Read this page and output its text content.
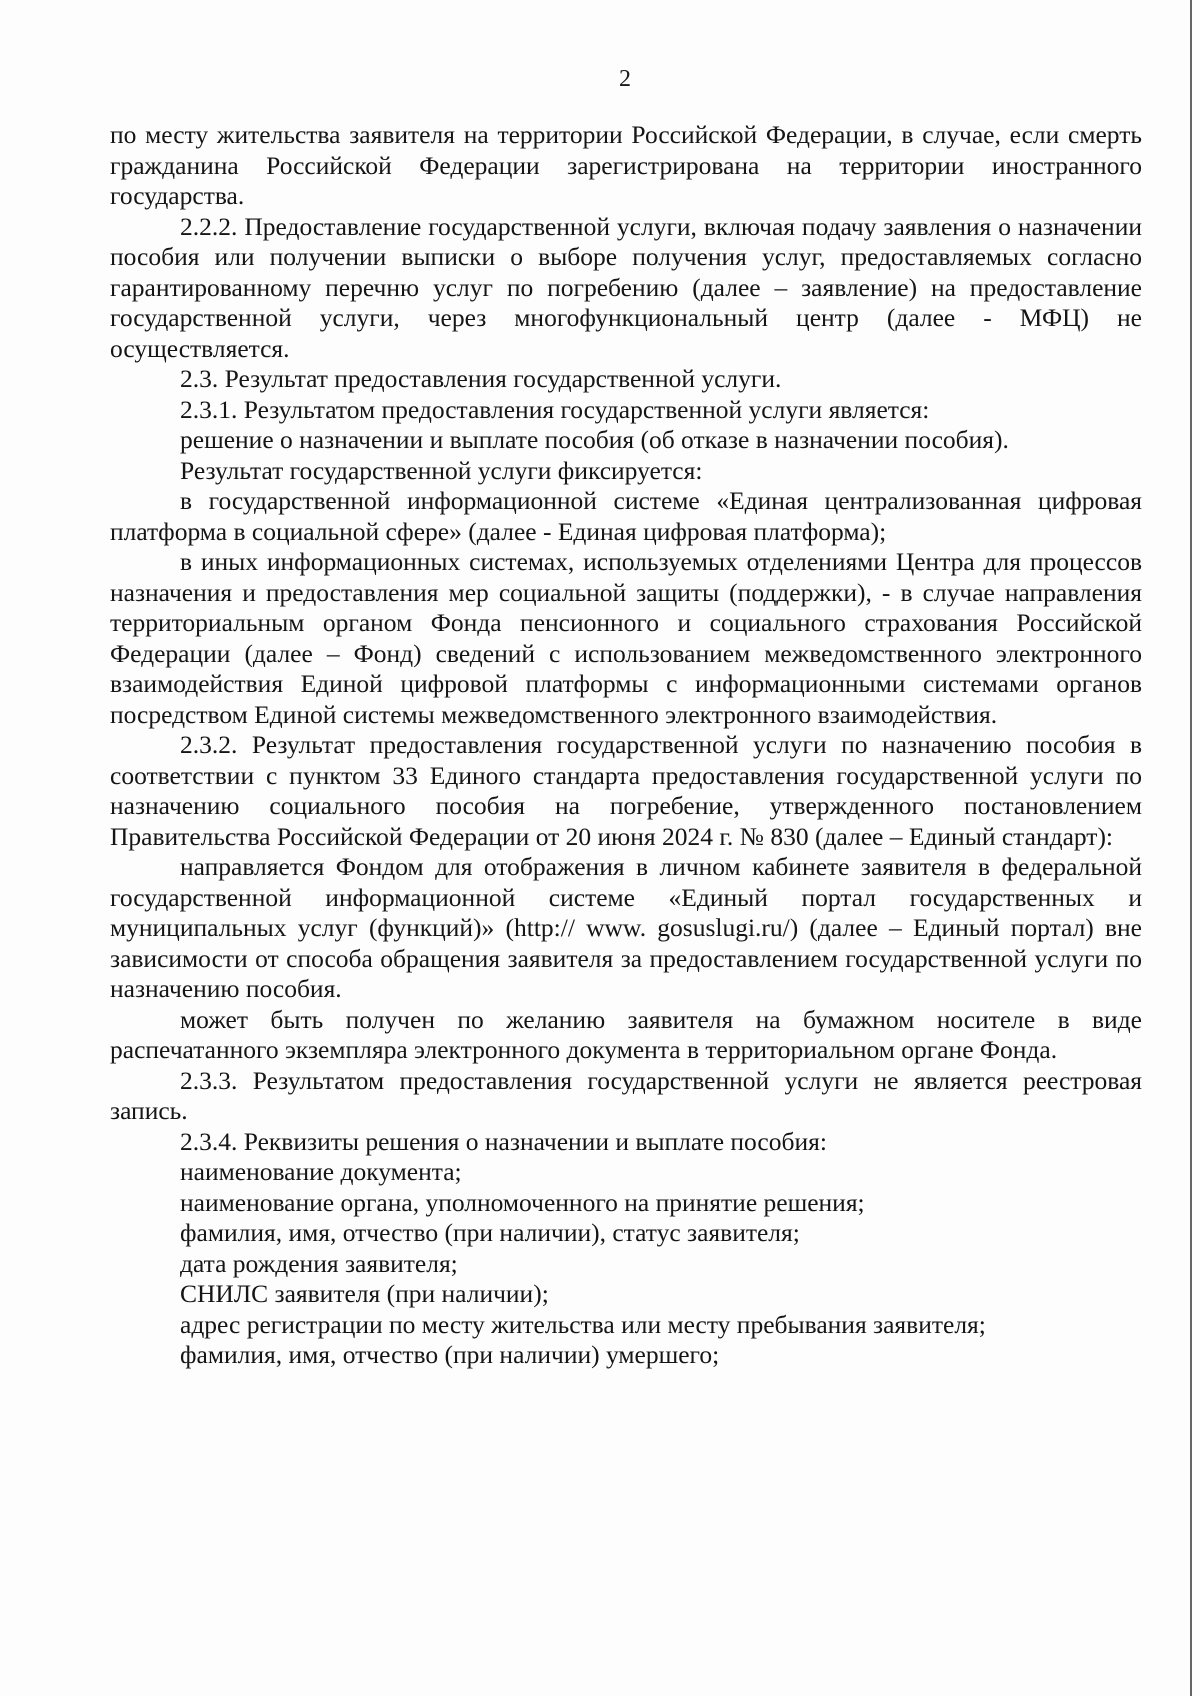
2

по месту жительства заявителя на территории Российской Федерации, в случае, если смерть гражданина Российской Федерации зарегистрирована на территории иностранного государства.

2.2.2. Предоставление государственной услуги, включая подачу заявления о назначении пособия или получении выписки о выборе получения услуг, предоставляемых согласно гарантированному перечню услуг по погребению (далее – заявление) на предоставление государственной услуги, через многофункциональный центр (далее - МФЦ) не осуществляется.

2.3. Результат предоставления государственной услуги.

2.3.1. Результатом предоставления государственной услуги является:

решение о назначении и выплате пособия (об отказе в назначении пособия).

Результат государственной услуги фиксируется:

в государственной информационной системе «Единая централизованная цифровая платформа в социальной сфере» (далее - Единая цифровая платформа);

в иных информационных системах, используемых отделениями Центра для процессов назначения и предоставления мер социальной защиты (поддержки), - в случае направления территориальным органом Фонда пенсионного и социального страхования Российской Федерации (далее – Фонд) сведений с использованием межведомственного электронного взаимодействия Единой цифровой платформы с информационными системами органов посредством Единой системы межведомственного электронного взаимодействия.

2.3.2. Результат предоставления государственной услуги по назначению пособия в соответствии с пунктом 33 Единого стандарта предоставления государственной услуги по назначению социального пособия на погребение, утвержденного постановлением Правительства Российской Федерации от 20 июня 2024 г. № 830 (далее – Единый стандарт):

направляется Фондом для отображения в личном кабинете заявителя в федеральной государственной информационной системе «Единый портал государственных и муниципальных услуг (функций)» (http:// www. gosuslugi.ru/) (далее – Единый портал) вне зависимости от способа обращения заявителя за предоставлением государственной услуги по назначению пособия.

может быть получен по желанию заявителя на бумажном носителе в виде распечатанного экземпляра электронного документа в территориальном органе Фонда.

2.3.3. Результатом предоставления государственной услуги не является реестровая запись.

2.3.4. Реквизиты решения о назначении и выплате пособия:

наименование документа;

наименование органа, уполномоченного на принятие решения;

фамилия, имя, отчество (при наличии), статус заявителя;

дата рождения заявителя;

СНИЛС заявителя (при наличии);

адрес регистрации по месту жительства или месту пребывания заявителя;

фамилия, имя, отчество (при наличии) умершего;
